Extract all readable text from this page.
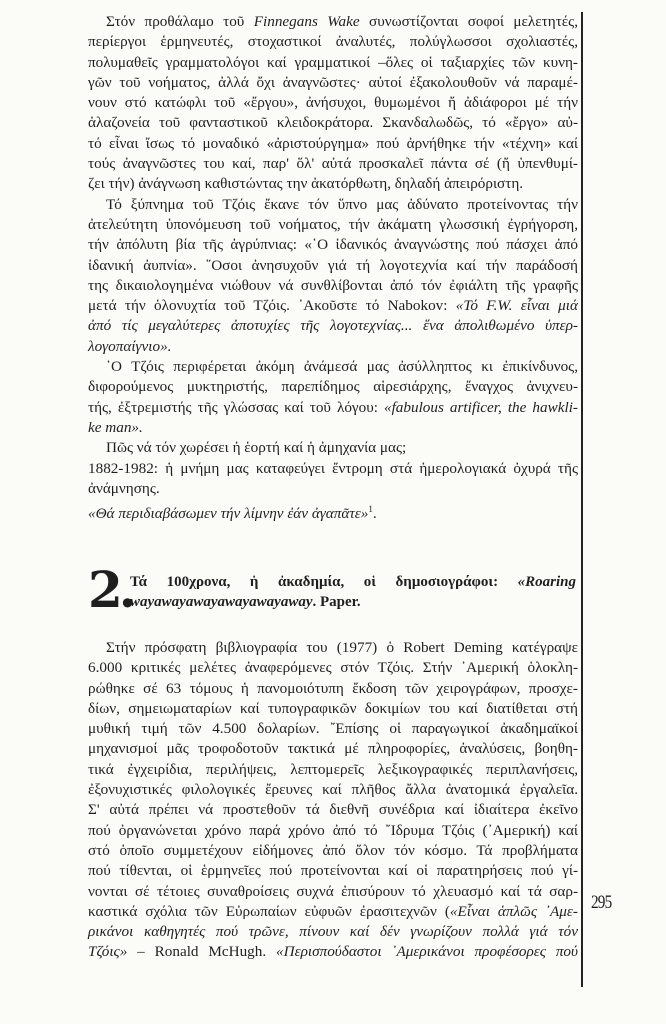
Στόν προθάλαμο τοῦ Finnegans Wake συνωστίζονται σοφοί μελετητές,
περίεργοι ἑρμηνευτές, στοχαστικοί ἀναλυτές, πολύγλωσσοι σχολιαστές,
πολυμαθεῖς γραμματολόγοι καί γραμματικοί –ὅλες οἱ ταξιαρχίες τῶν κυνη-
γῶν τοῦ νοήματος, ἀλλά ὄχι ἀναγνῶστες· αὐτοί ἐξακολουθοῦν νά παραμέ-
νουν στό κατώφλι τοῦ «ἔργου», ἀνήσυχοι, θυμωμένοι ἤ ἀδιάφοροι μέ τήν
ἀλαζονεία τοῦ φανταστικοῦ κλειδοκράτορα. Σκανδαλωδῶς, τό «ἔργο» αὐ-
τό εἶναι ἴσως τό μοναδικό «ἀριστούργημα» πού ἀρνήθηκε τήν «τέχνη» καί
τούς ἀναγνῶστες του καί, παρ' ὅλ' αὐτά προσκαλεῖ πάντα σέ (ἤ ὑπενθυμί-
ζει τήν) ἀνάγνωση καθιστώντας την ἀκατόρθωτη, δηλαδή ἀπειρόριστη.
Τό ξύπνημα τοῦ Τζόις ἔκανε τόν ὕπνο μας ἀδύνατο προτείνοντας τήν
ἀτελεύτητη ὑπονόμευση τοῦ νοήματος, τήν ἀκάματη γλωσσική ἐγρήγορση,
τήν ἀπόλυτη βία τῆς ἀγρύπνιας: «῾Ο ἰδανικός ἀναγνώστης πού πάσχει ἀπό
ἰδανική ἀυπνία». ῞Οσοι ἀνησυχοῦν γιά τή λογοτεχνία καί τήν παράδοσή
της δικαιολογημένα νιώθουν νά συνθλίβονται ἀπό τόν ἐφιάλτη τῆς γραφῆς
μετά τήν ὁλονυχτία τοῦ Τζόις. ᾿Ακοῦστε τό Nabokov: «Τό F.W. εἶναι μιά
ἀπό τίς μεγαλύτερες ἀποτυχίες τῆς λογοτεχνίας... ἕνα ἀπολιθωμένο ὑπερ-
λογοπαίγνιο».
῾Ο Τζόις περιφέρεται ἀκόμη ἀνάμεσά μας ἀσύλληπτος κι ἐπικίνδυνος,
διφορούμενος μυκτηριστής, παρεπίδημος αἱρεσιάρχης, ἔναγχος ἀνιχνευ-
τής, ἐξτρεμιστής τῆς γλώσσας καί τοῦ λόγου: «fabulous artificer, the hawkli-
ke man».
Πῶς νά τόν χωρέσει ἡ ἑορτή καί ἡ ἀμηχανία μας;
1882-1982: ἡ μνήμη μας καταφεύγει ἔντρομη στά ἡμερολογιακά ὀχυρά τῆς
ἀνάμνησης.
«Θά περιδιαβάσωμεν τήν λίμνην ἐάν ἀγαπᾶτε»$^1$.
2.
Τά 100χρονα, ἡ ἀκαδημία, οἱ δημοσιογράφοι: «Roaring
wayawayawayawayawayaway. Paper.
Στήν πρόσφατη βιβλιογραφία του (1977) ὁ Robert Deming κατέγραψε
6.000 κριτικές μελέτες ἀναφερόμενες στόν Τζόις. Στήν ᾿Αμερική ὁλοκλη-
ρώθηκε σέ 63 τόμους ἡ πανομοιότυπη ἔκδοση τῶν χειρογράφων, προσχε-
δίων, σημειωματαρίων καί τυπογραφικῶν δοκιμίων του καί διατίθεται στή
μυθική τιμή τῶν 4.500 δολαρίων. ῎Επίσης οἱ παραγωγικοί ἀκαδημαϊκοί
μηχανισμοί μᾶς τροφοδοτοῦν τακτικά μέ πληροφορίες, ἀναλύσεις, βοηθη-
τικά ἐγχειρίδια, περιλήψεις, λεπτομερεῖς λεξικογραφικές περιπλανήσεις,
ἐξονυχιστικές φιλολογικές ἔρευνες καί πλῆθος ἄλλα ἀνατομικά ἐργαλεῖα.
Σ' αὐτά πρέπει νά προστεθοῦν τά διεθνῆ συνέδρια καί ἰδιαίτερα ἐκεῖνο
πού ὀργανώνεται χρόνο παρά χρόνο ἀπό τό ῎Ιδρυμα Τζόις (᾿Αμερική) καί
στό ὁποῖο συμμετέχουν εἰδήμονες ἀπό ὅλον τόν κόσμο. Τά προβλήματα
πού τίθενται, οἱ ἑρμηνεῖες πού προτείνονται καί οἱ παρατηρήσεις πού γί-
νονται σέ τέτοιες συναθροίσεις συχνά ἐπισύρουν τό χλευασμό καί τά σαρ-
καστικά σχόλια τῶν Εὐρωπαίων εὐφυῶν ἐρασιτεχνῶν («Εἶναι ἁπλῶς ᾿Αμε-
ρικάνοι καθηγητές πού τρῶνε, πίνουν καί δέν γνωρίζουν πολλά γιά τόν
Τζόις» – Ronald McHugh. «Περισπούδαστοι ᾿Αμερικάνοι προφέσορες πού
295
